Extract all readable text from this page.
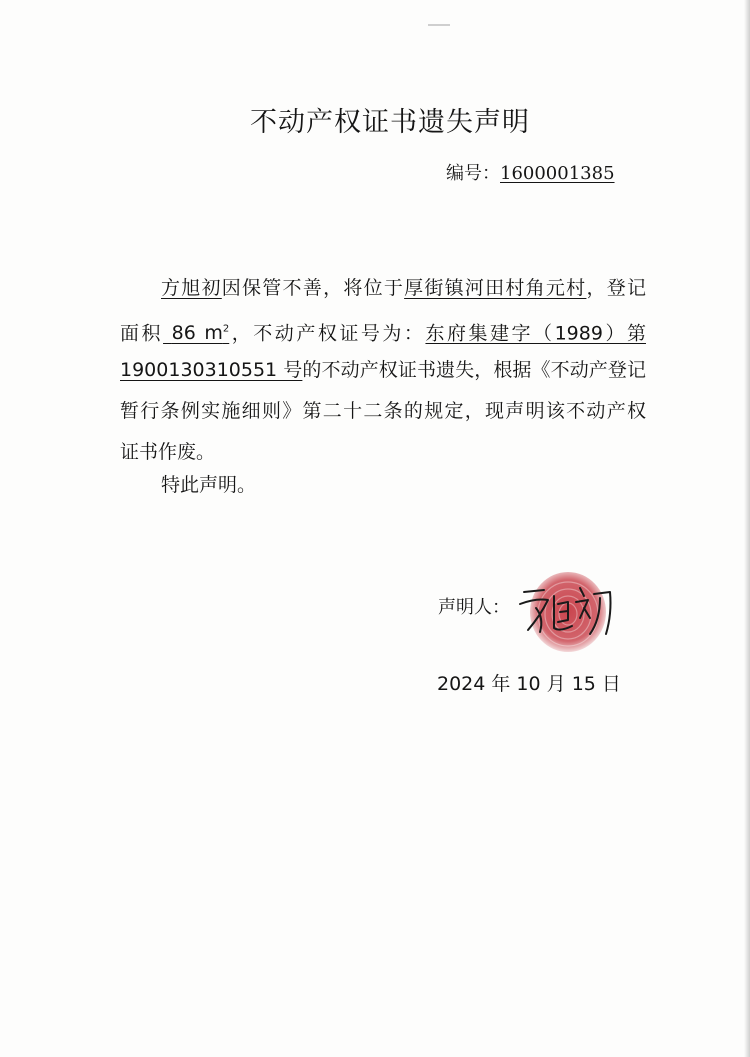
不动产权证书遗失声明
编号：1600001385
方旭初因保管不善，将位于厚街镇河田村角元村，登记
面积 86 $m^2$，不动产权证号为：东府集建字（1989）第
1900130310551 号的不动产权证书遗失，根据《不动产登记
暂行条例实施细则》第二十二条的规定，现声明该不动产权
证书作废。
特此声明。
声明人：
2024 年 10 月 15 日
